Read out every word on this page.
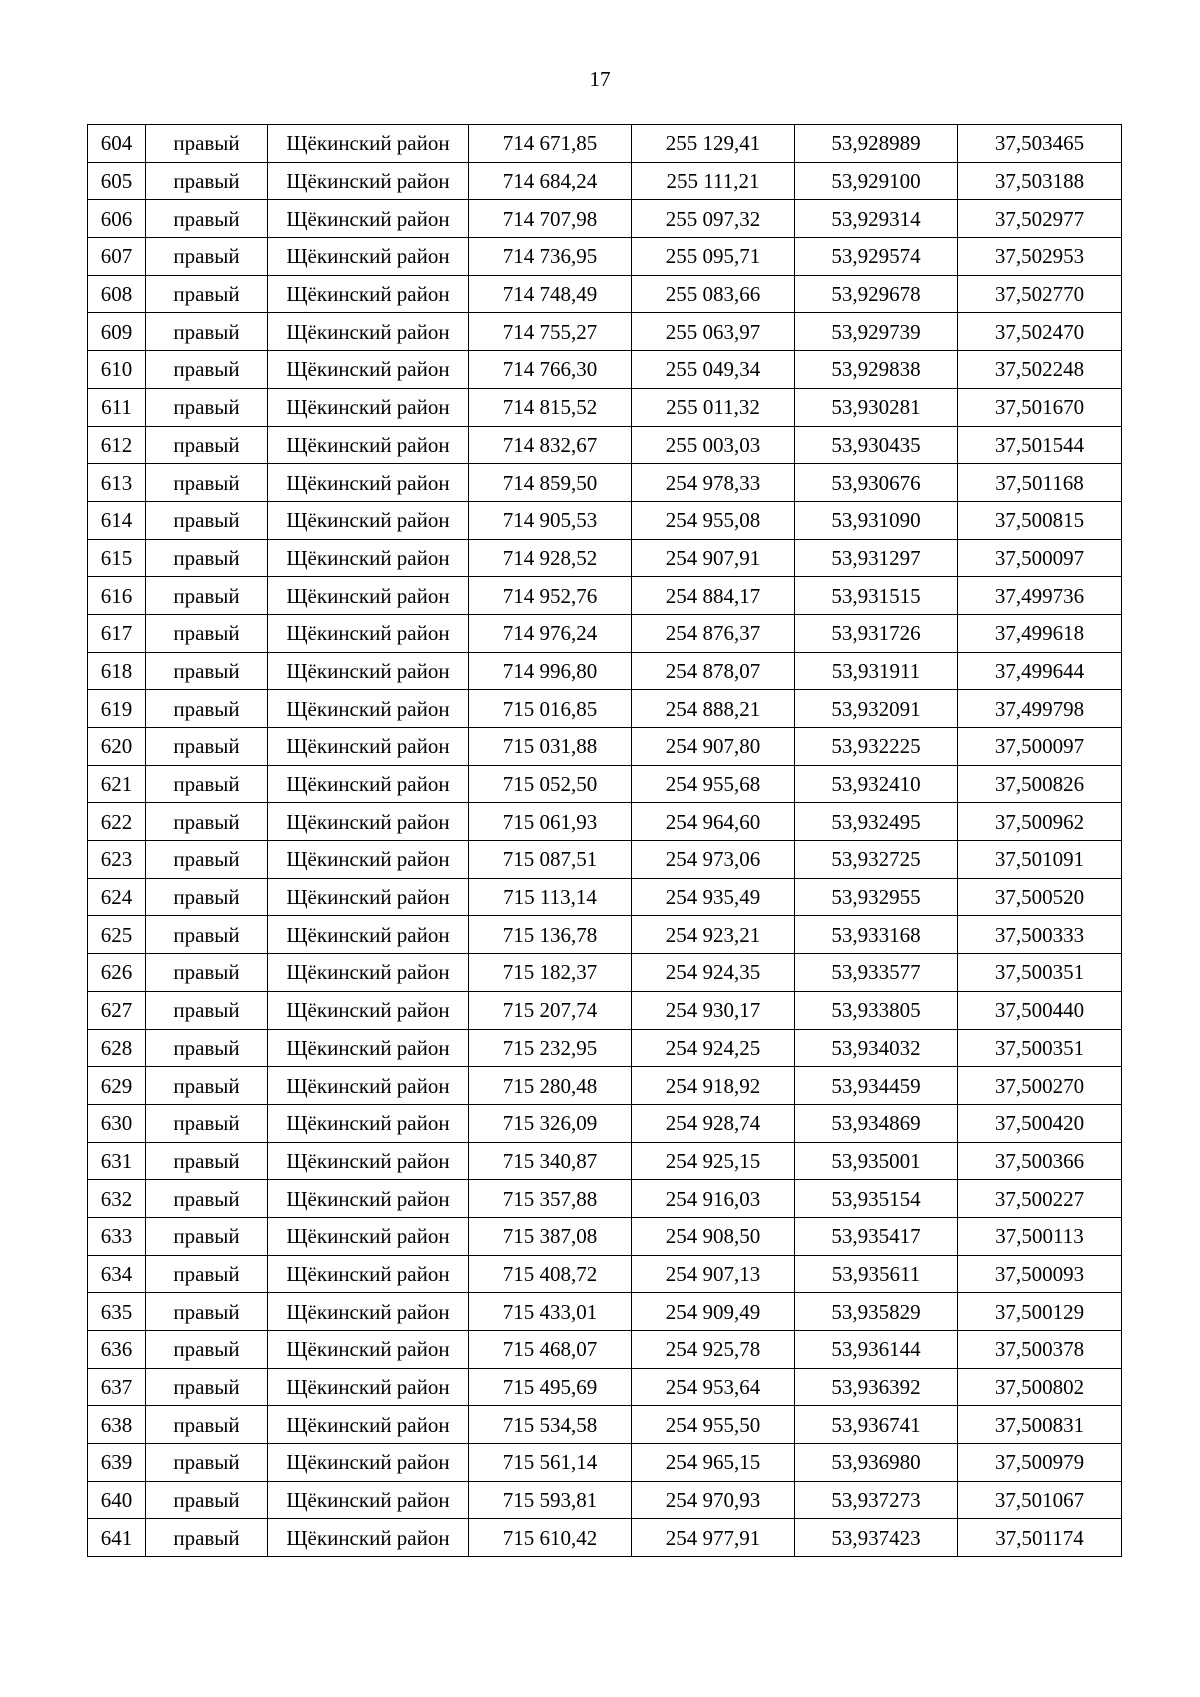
17
604	правый	Щёкинский район	714 671,85	255 129,41	53,928989	37,503465
605	правый	Щёкинский район	714 684,24	255 111,21	53,929100	37,503188
606	правый	Щёкинский район	714 707,98	255 097,32	53,929314	37,502977
607	правый	Щёкинский район	714 736,95	255 095,71	53,929574	37,502953
608	правый	Щёкинский район	714 748,49	255 083,66	53,929678	37,502770
609	правый	Щёкинский район	714 755,27	255 063,97	53,929739	37,502470
610	правый	Щёкинский район	714 766,30	255 049,34	53,929838	37,502248
611	правый	Щёкинский район	714 815,52	255 011,32	53,930281	37,501670
612	правый	Щёкинский район	714 832,67	255 003,03	53,930435	37,501544
613	правый	Щёкинский район	714 859,50	254 978,33	53,930676	37,501168
614	правый	Щёкинский район	714 905,53	254 955,08	53,931090	37,500815
615	правый	Щёкинский район	714 928,52	254 907,91	53,931297	37,500097
616	правый	Щёкинский район	714 952,76	254 884,17	53,931515	37,499736
617	правый	Щёкинский район	714 976,24	254 876,37	53,931726	37,499618
618	правый	Щёкинский район	714 996,80	254 878,07	53,931911	37,499644
619	правый	Щёкинский район	715 016,85	254 888,21	53,932091	37,499798
620	правый	Щёкинский район	715 031,88	254 907,80	53,932225	37,500097
621	правый	Щёкинский район	715 052,50	254 955,68	53,932410	37,500826
622	правый	Щёкинский район	715 061,93	254 964,60	53,932495	37,500962
623	правый	Щёкинский район	715 087,51	254 973,06	53,932725	37,501091
624	правый	Щёкинский район	715 113,14	254 935,49	53,932955	37,500520
625	правый	Щёкинский район	715 136,78	254 923,21	53,933168	37,500333
626	правый	Щёкинский район	715 182,37	254 924,35	53,933577	37,500351
627	правый	Щёкинский район	715 207,74	254 930,17	53,933805	37,500440
628	правый	Щёкинский район	715 232,95	254 924,25	53,934032	37,500351
629	правый	Щёкинский район	715 280,48	254 918,92	53,934459	37,500270
630	правый	Щёкинский район	715 326,09	254 928,74	53,934869	37,500420
631	правый	Щёкинский район	715 340,87	254 925,15	53,935001	37,500366
632	правый	Щёкинский район	715 357,88	254 916,03	53,935154	37,500227
633	правый	Щёкинский район	715 387,08	254 908,50	53,935417	37,500113
634	правый	Щёкинский район	715 408,72	254 907,13	53,935611	37,500093
635	правый	Щёкинский район	715 433,01	254 909,49	53,935829	37,500129
636	правый	Щёкинский район	715 468,07	254 925,78	53,936144	37,500378
637	правый	Щёкинский район	715 495,69	254 953,64	53,936392	37,500802
638	правый	Щёкинский район	715 534,58	254 955,50	53,936741	37,500831
639	правый	Щёкинский район	715 561,14	254 965,15	53,936980	37,500979
640	правый	Щёкинский район	715 593,81	254 970,93	53,937273	37,501067
641	правый	Щёкинский район	715 610,42	254 977,91	53,937423	37,501174
